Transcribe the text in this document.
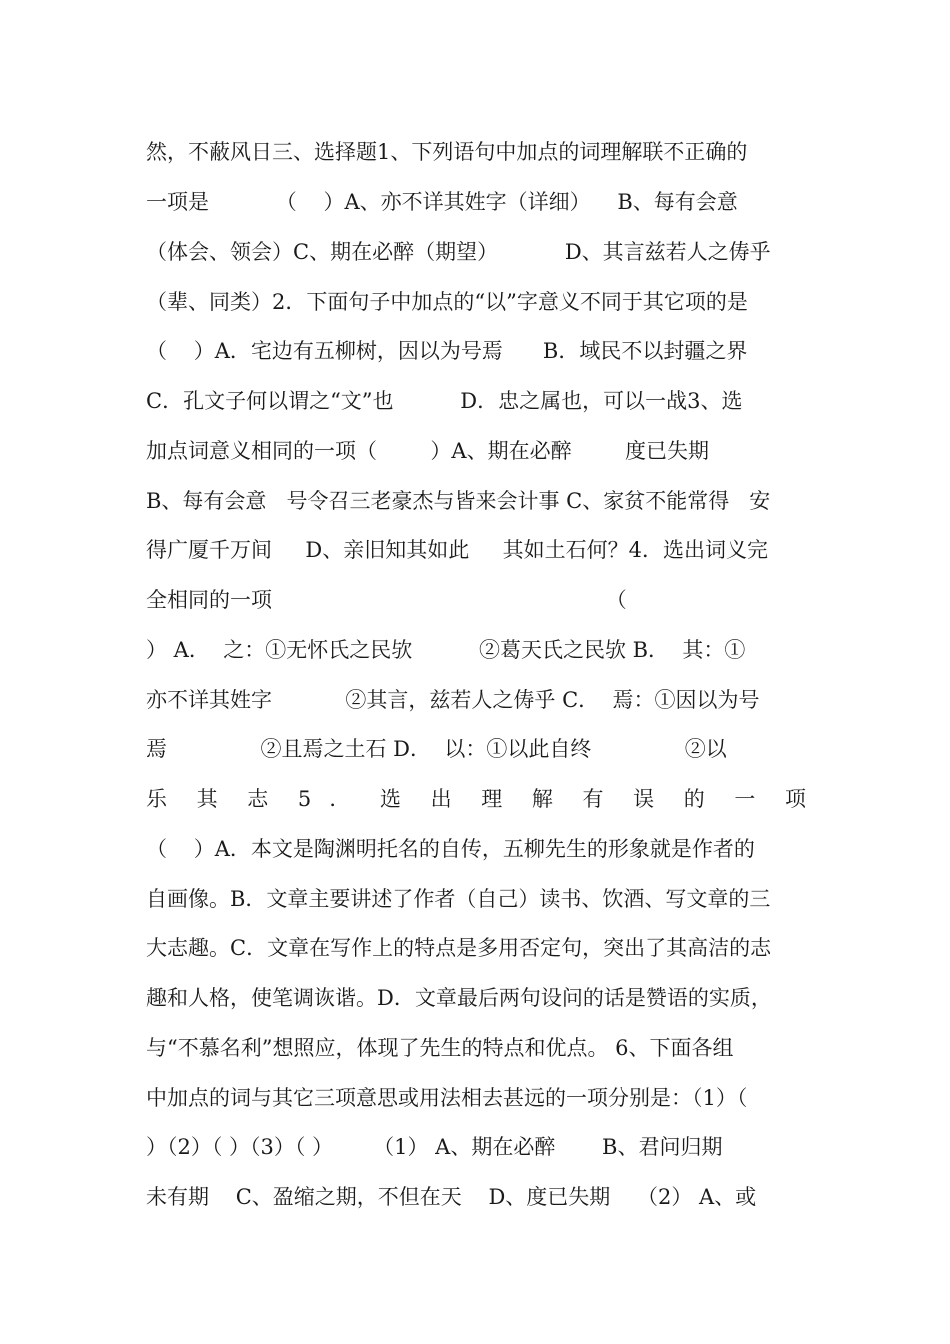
然，不蔽风日三、选择题1、下列语句中加点的词理解联不正确的
一项是          （    ）A、亦不详其姓字（详细）    B、每有会意
（体会、领会）C、期在必醉（期望）          D、其言兹若人之俦乎
（辈、同类）2．下面句子中加点的“以”字意义不同于其它项的是
（    ）A．宅边有五柳树，因以为号焉      B．域民不以封疆之界
C．孔文子何以谓之“文”也          D．忠之属也，可以一战3、选
加点词意义相同的一项（        ）A、期在必醉        度已失期
B、每有会意   号令召三老豪杰与皆来会计事 C、家贫不能常得   安
得广厦千万间     D、亲旧知其如此     其如土石何？4．选出词义完
全相同的一项                                                  （
） A．  之：①无怀氏之民欤          ②葛天氏之民欤 B．  其：①
亦不详其姓字           ②其言，兹若人之俦乎 C．  焉：①因以为号
焉              ②且焉之土石 D．  以：①以此自终              ②以
乐 其 志 5 ． 选 出 理 解 有 误 的 一 项
（    ）A．本文是陶渊明托名的自传，五柳先生的形象就是作者的
自画像。B．文章主要讲述了作者（自己）读书、饮酒、写文章的三
大志趣。C．文章在写作上的特点是多用否定句，突出了其高洁的志
趣和人格，使笔调诙谐。D．文章最后两句设问的话是赞语的实质，
与“不慕名利”想照应，体现了先生的特点和优点。 6、下面各组
中加点的词与其它三项意思或用法相去甚远的一项分别是：（1）（
）（2）（ ）（3）（ ）      （1） A、期在必醉       B、君问归期
未有期    C、盈缩之期，不但在天    D、度已失期    （2） A、或
